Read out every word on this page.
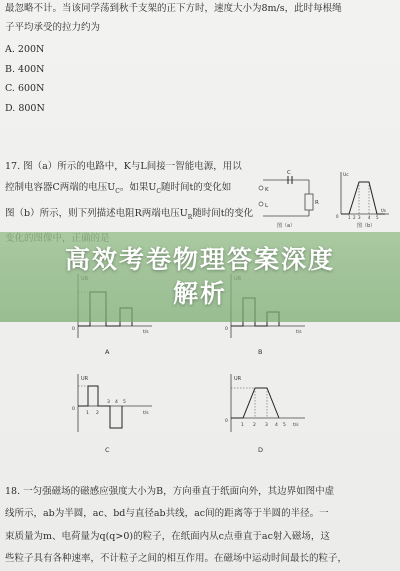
最忽略不计。当该同学荡到秋千支架的正下方时，速度大小为8m/s，此时每根绳
子平均承受的拉力约为
A. 200N
B. 400N
C. 600N
D. 800N
17. 图（a）所示的电路中，K与L间接一智能电源，用以
控制电容器C两端的电压$U_C$。如果$U_C$随时间t的变化如
图（b）所示，则下列描述电阻R两端电压$U_R$随时间t的变化
K
L
C
R
图（a）
Uc
0 1 2 3 4 5
t/s
图（b）
0
t/s
A
0
t/s
B
UR
0
1 2
3 4 5
t/s
C
UR
0
1 2 3 4 5 t/s
D
18. 一匀强磁场的磁感应强度大小为B，方向垂直于纸面向外，其边界如图中虚
线所示，ab为半圆，ac、bd与直径ab共线，ac间的距离等于半圆的半径。一
束质量为m、电荷量为q(q>0)的粒子，在纸面内从c点垂直于ac射入磁场，这
些粒子具有各种速率，不计粒子之间的相互作用。在磁场中运动时间最长的粒子，
高效考卷物理答案深度
解析
